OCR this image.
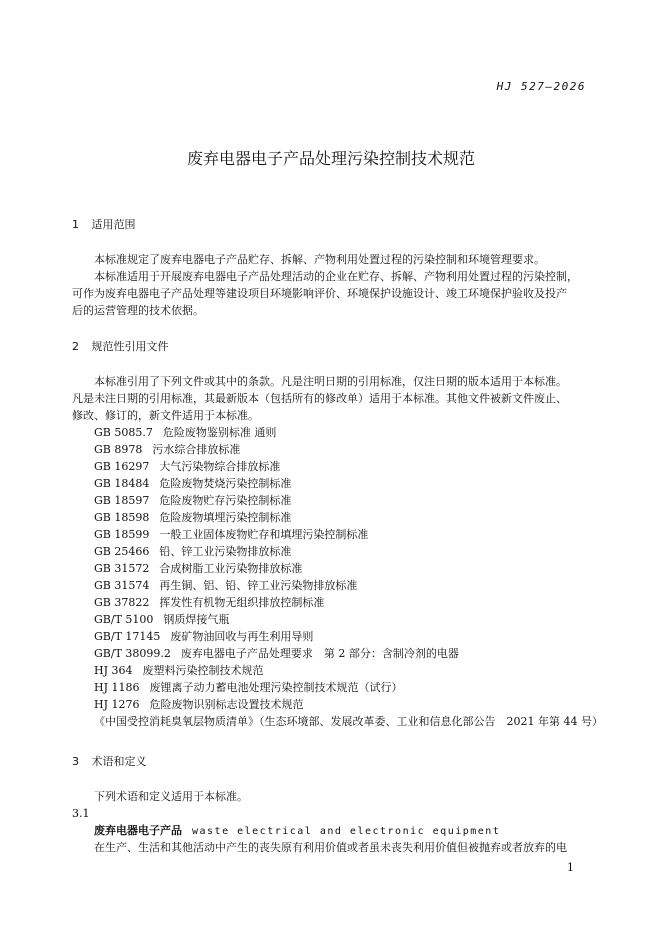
HJ 527—2026
废弃电器电子产品处理污染控制技术规范
1 适用范围
本标准规定了废弃电器电子产品贮存、拆解、产物利用处置过程的污染控制和环境管理要求。
本标准适用于开展废弃电器电子产品处理活动的企业在贮存、拆解、产物利用处置过程的污染控制，
可作为废弃电器电子产品处理等建设项目环境影响评价、环境保护设施设计、竣工环境保护验收及投产
后的运营管理的技术依据。
2 规范性引用文件
本标准引用了下列文件或其中的条款。凡是注明日期的引用标准，仅注日期的版本适用于本标准。
凡是未注日期的引用标准，其最新版本（包括所有的修改单）适用于本标准。其他文件被新文件废止、
修改、修订的，新文件适用于本标准。
GB 5085.7 危险废物鉴别标准 通则
GB 8978 污水综合排放标准
GB 16297 大气污染物综合排放标准
GB 18484 危险废物焚烧污染控制标准
GB 18597 危险废物贮存污染控制标准
GB 18598 危险废物填埋污染控制标准
GB 18599 一般工业固体废物贮存和填埋污染控制标准
GB 25466 铅、锌工业污染物排放标准
GB 31572 合成树脂工业污染物排放标准
GB 31574 再生铜、铝、铅、锌工业污染物排放标准
GB 37822 挥发性有机物无组织排放控制标准
GB/T 5100 钢质焊接气瓶
GB/T 17145 废矿物油回收与再生利用导则
GB/T 38099.2 废弃电器电子产品处理要求　第 2 部分：含制冷剂的电器
HJ 364 废塑料污染控制技术规范
HJ 1186 废锂离子动力蓄电池处理污染控制技术规范（试行）
HJ 1276 危险废物识别标志设置技术规范
《中国受控消耗臭氧层物质清单》（生态环境部、发展改革委、工业和信息化部公告　2021 年第 44 号）
3 术语和定义
下列术语和定义适用于本标准。
3.1
废弃电器电子产品 waste electrical and electronic equipment
在生产、生活和其他活动中产生的丧失原有利用价值或者虽未丧失利用价值但被抛弃或者放弃的电
1
